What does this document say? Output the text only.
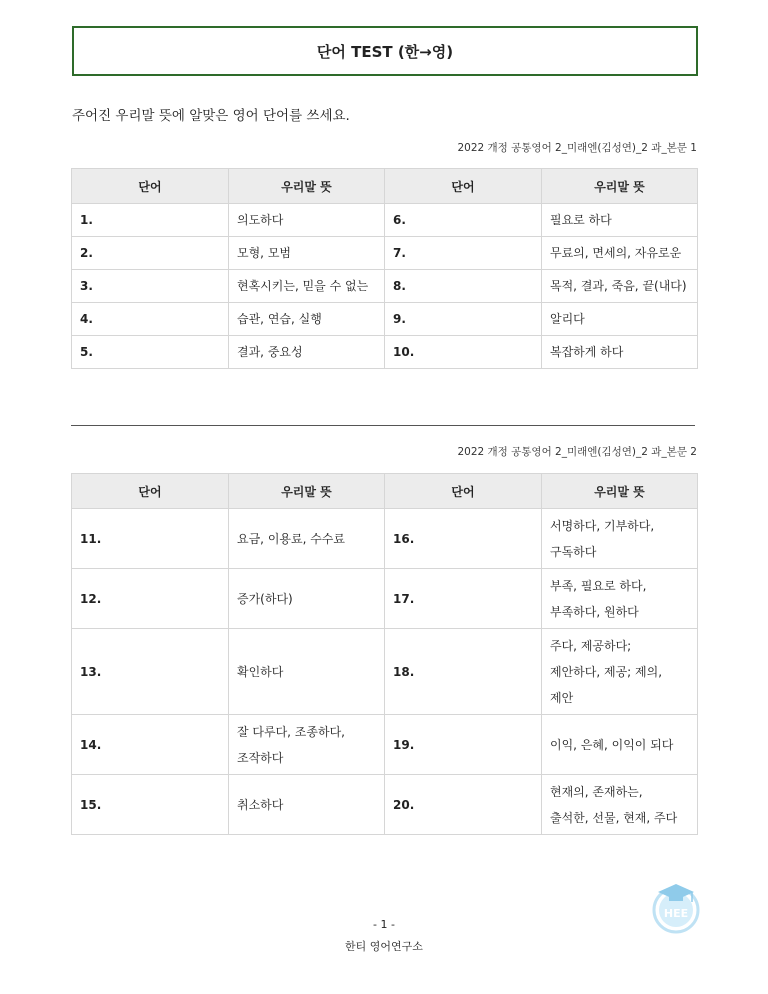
단어 TEST (한→영)
주어진 우리말 뜻에 알맞은 영어 단어를 쓰세요.
2022 개정 공통영어 2_미래엔(김성연)_2 과_본문 1
단어	우리말 뜻	단어	우리말 뜻
1.	의도하다	6.	필요로 하다

2.	모형, 모범	7.	무료의, 면세의, 자유로운

3.	현혹시키는, 믿을 수 없는	8.	목적, 결과, 죽음, 끝(내다)

4.	습관, 연습, 실행	9.	알리다

5.	결과, 중요성	10.	복잡하게 하다
2022 개정 공통영어 2_미래엔(김성연)_2 과_본문 2
단어	우리말 뜻	단어	우리말 뜻
11.	요금, 이용료, 수수료	16.	서명하다, 기부하다,
구독하다

12.	증가(하다)	17.	부족, 필요로 하다,
부족하다, 원하다

13.	확인하다	18.	주다, 제공하다;
제안하다, 제공; 제의,
제안

14.	잘 다루다, 조종하다,
조작하다	19.	이익, 은혜, 이익이 되다

15.	취소하다	20.	현재의, 존재하는,
출석한, 선물, 현재, 주다
HEE
- 1 -
한티 영어연구소
